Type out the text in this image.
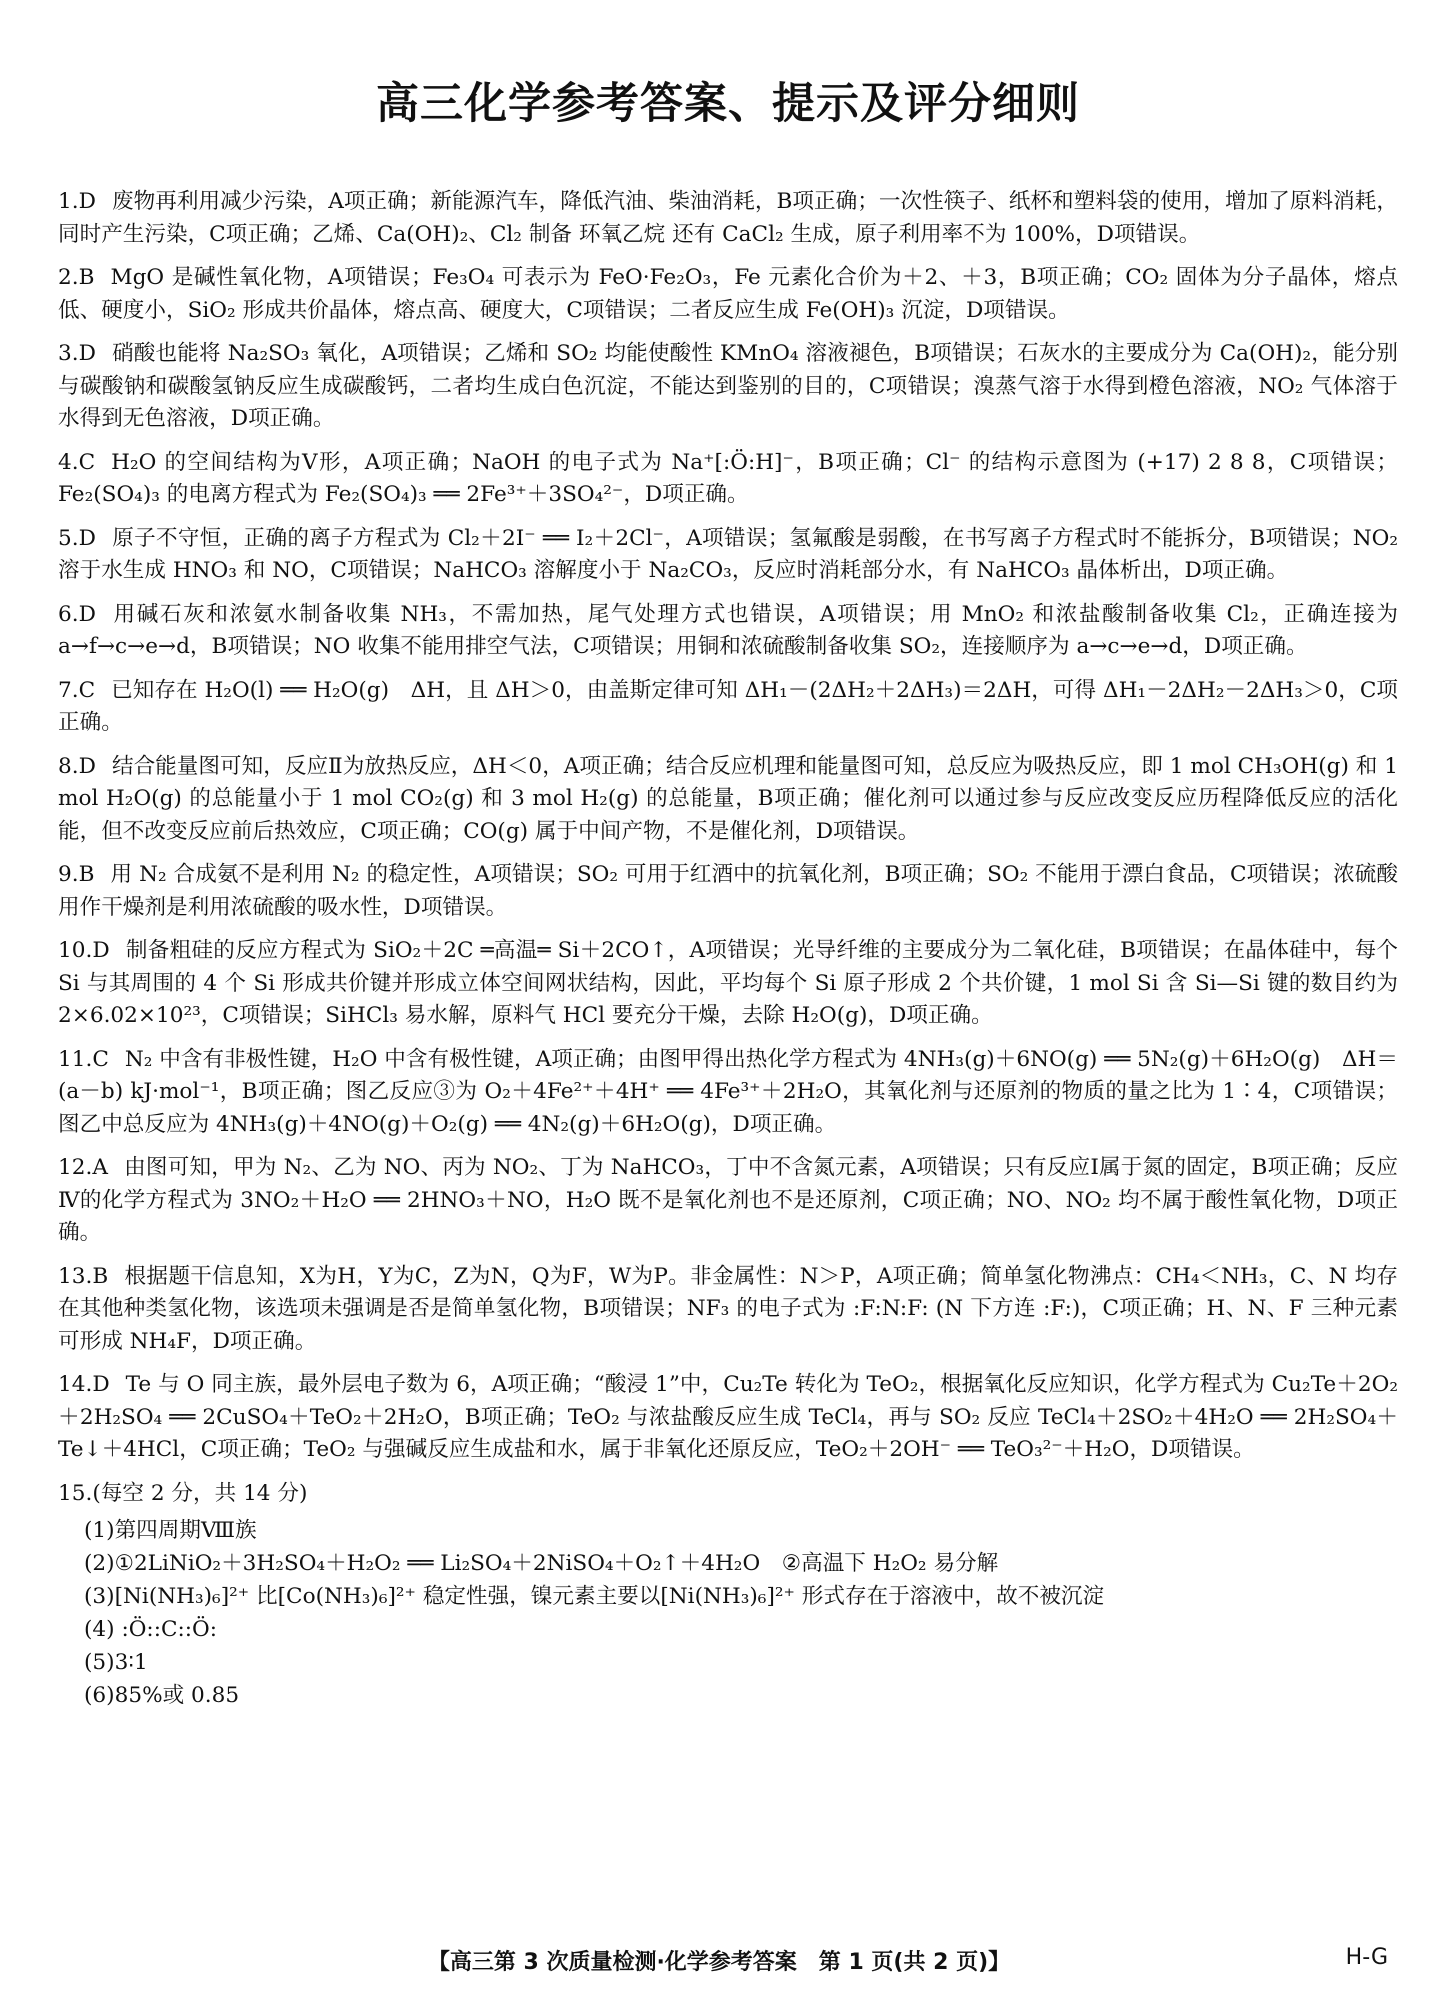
高三化学参考答案、提示及评分细则

1.D 废物再利用减少污染，A项正确；新能源汽车，降低汽油、柴油消耗，B项正确；一次性筷子、纸杯和塑料袋的使用，增加了原料消耗，同时产生污染，C项正确；乙烯、Ca(OH)₂、Cl₂ 制备 环氧乙烷 还有 CaCl₂ 生成，原子利用率不为 100%，D项错误。

2.B MgO 是碱性氧化物，A项错误；Fe₃O₄ 可表示为 FeO·Fe₂O₃，Fe 元素化合价为＋2、＋3，B项正确；CO₂ 固体为分子晶体，熔点低、硬度小，SiO₂ 形成共价晶体，熔点高、硬度大，C项错误；二者反应生成 Fe(OH)₃ 沉淀，D项错误。

3.D 硝酸也能将 Na₂SO₃ 氧化，A项错误；乙烯和 SO₂ 均能使酸性 KMnO₄ 溶液褪色，B项错误；石灰水的主要成分为 Ca(OH)₂，能分别与碳酸钠和碳酸氢钠反应生成碳酸钙，二者均生成白色沉淀，不能达到鉴别的目的，C项错误；溴蒸气溶于水得到橙色溶液，NO₂ 气体溶于水得到无色溶液，D项正确。

4.C H₂O 的空间结构为V形，A项正确；NaOH 的电子式为 Na⁺[:Ö:H]⁻，B项正确；Cl⁻ 的结构示意图为 (+17) 2 8 8，C项错误；Fe₂(SO₄)₃ 的电离方程式为 Fe₂(SO₄)₃ ══ 2Fe³⁺＋3SO₄²⁻，D项正确。

5.D 原子不守恒，正确的离子方程式为 Cl₂＋2I⁻ ══ I₂＋2Cl⁻，A项错误；氢氟酸是弱酸，在书写离子方程式时不能拆分，B项错误；NO₂ 溶于水生成 HNO₃ 和 NO，C项错误；NaHCO₃ 溶解度小于 Na₂CO₃，反应时消耗部分水，有 NaHCO₃ 晶体析出，D项正确。

6.D 用碱石灰和浓氨水制备收集 NH₃，不需加热，尾气处理方式也错误，A项错误；用 MnO₂ 和浓盐酸制备收集 Cl₂，正确连接为 a→f→c→e→d，B项错误；NO 收集不能用排空气法，C项错误；用铜和浓硫酸制备收集 SO₂，连接顺序为 a→c→e→d，D项正确。

7.C 已知存在 H₂O(l) ══ H₂O(g)　ΔH，且 ΔH＞0，由盖斯定律可知 ΔH₁－(2ΔH₂＋2ΔH₃)＝2ΔH，可得 ΔH₁－2ΔH₂－2ΔH₃＞0，C项正确。

8.D 结合能量图可知，反应Ⅱ为放热反应，ΔH＜0，A项正确；结合反应机理和能量图可知，总反应为吸热反应，即 1 mol CH₃OH(g) 和 1 mol H₂O(g) 的总能量小于 1 mol CO₂(g) 和 3 mol H₂(g) 的总能量，B项正确；催化剂可以通过参与反应改变反应历程降低反应的活化能，但不改变反应前后热效应，C项正确；CO(g) 属于中间产物，不是催化剂，D项错误。

9.B 用 N₂ 合成氨不是利用 N₂ 的稳定性，A项错误；SO₂ 可用于红酒中的抗氧化剂，B项正确；SO₂ 不能用于漂白食品，C项错误；浓硫酸用作干燥剂是利用浓硫酸的吸水性，D项错误。

10.D 制备粗硅的反应方程式为 SiO₂＋2C ═高温═ Si＋2CO↑，A项错误；光导纤维的主要成分为二氧化硅，B项错误；在晶体硅中，每个 Si 与其周围的 4 个 Si 形成共价键并形成立体空间网状结构，因此，平均每个 Si 原子形成 2 个共价键，1 mol Si 含 Si—Si 键的数目约为 2×6.02×10²³，C项错误；SiHCl₃ 易水解，原料气 HCl 要充分干燥，去除 H₂O(g)，D项正确。

11.C N₂ 中含有非极性键，H₂O 中含有极性键，A项正确；由图甲得出热化学方程式为 4NH₃(g)＋6NO(g) ══ 5N₂(g)＋6H₂O(g)　ΔH＝(a－b) kJ·mol⁻¹，B项正确；图乙反应③为 O₂＋4Fe²⁺＋4H⁺ ══ 4Fe³⁺＋2H₂O，其氧化剂与还原剂的物质的量之比为 1∶4，C项错误；图乙中总反应为 4NH₃(g)＋4NO(g)＋O₂(g) ══ 4N₂(g)＋6H₂O(g)，D项正确。

12.A 由图可知，甲为 N₂、乙为 NO、丙为 NO₂、丁为 NaHCO₃，丁中不含氮元素，A项错误；只有反应Ⅰ属于氮的固定，B项正确；反应Ⅳ的化学方程式为 3NO₂＋H₂O ══ 2HNO₃＋NO，H₂O 既不是氧化剂也不是还原剂，C项正确；NO、NO₂ 均不属于酸性氧化物，D项正确。

13.B 根据题干信息知，X为H，Y为C，Z为N，Q为F，W为P。非金属性：N＞P，A项正确；简单氢化物沸点：CH₄＜NH₃，C、N 均存在其他种类氢化物，该选项未强调是否是简单氢化物，B项错误；NF₃ 的电子式为 :F:N:F: (N 下方连 :F:)，C项正确；H、N、F 三种元素可形成 NH₄F，D项正确。

14.D Te 与 O 同主族，最外层电子数为 6，A项正确；“酸浸 1”中，Cu₂Te 转化为 TeO₂，根据氧化反应知识，化学方程式为 Cu₂Te＋2O₂＋2H₂SO₄ ══ 2CuSO₄＋TeO₂＋2H₂O，B项正确；TeO₂ 与浓盐酸反应生成 TeCl₄，再与 SO₂ 反应 TeCl₄＋2SO₂＋4H₂O ══ 2H₂SO₄＋Te↓＋4HCl，C项正确；TeO₂ 与强碱反应生成盐和水，属于非氧化还原反应，TeO₂＋2OH⁻ ══ TeO₃²⁻＋H₂O，D项错误。

15.(每空 2 分，共 14 分)

(1)第四周期Ⅷ族

(2)①2LiNiO₂＋3H₂SO₄＋H₂O₂ ══ Li₂SO₄＋2NiSO₄＋O₂↑＋4H₂O　②高温下 H₂O₂ 易分解

(3)[Ni(NH₃)₆]²⁺ 比[Co(NH₃)₆]²⁺ 稳定性强，镍元素主要以[Ni(NH₃)₆]²⁺ 形式存在于溶液中，故不被沉淀

(4) :Ö::C::Ö:

(5)3∶1

(6)85%或 0.85

【高三第 3 次质量检测·化学参考答案　第 1 页(共 2 页)】	H-G
